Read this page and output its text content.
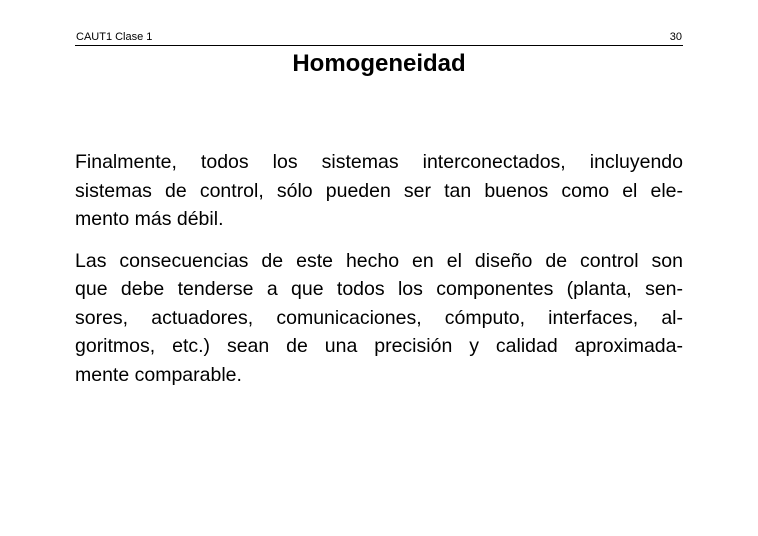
CAUT1 Clase 1	30
Homogeneidad

Finalmente, todos los sistemas interconectados, incluyendo
sistemas de control, sólo pueden ser tan buenos como el ele-
mento más débil.

Las consecuencias de este hecho en el diseño de control son
que debe tenderse a que todos los componentes (planta, sen-
sores, actuadores, comunicaciones, cómputo, interfaces, al-
goritmos, etc.) sean de una precisión y calidad aproximada-
mente comparable.
